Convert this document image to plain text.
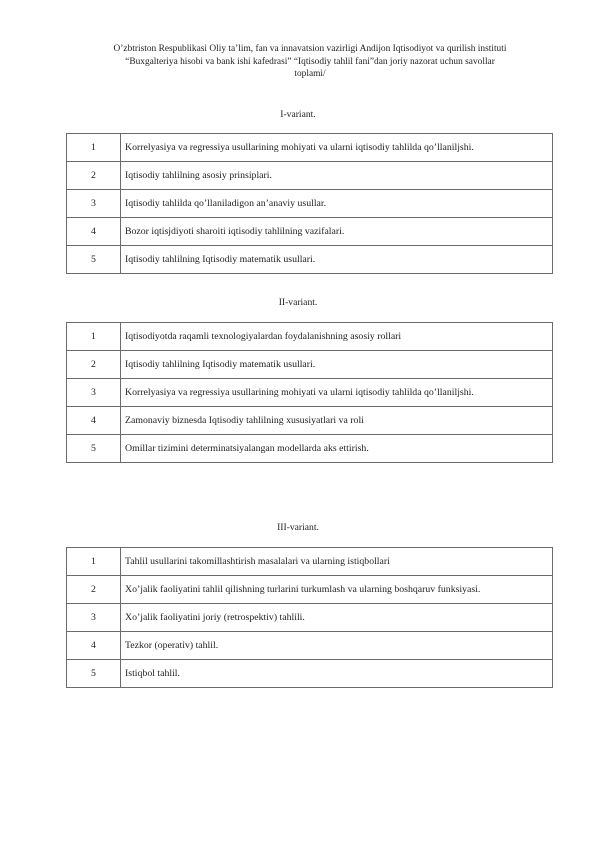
O’zbtriston Respublikasi Oliy ta’lim, fan va innavatsion vazirligi Andijon Iqtisodiyot va qurilish instituti
“Buxgalteriya hisobi va bank ishi kafedrasi” “Iqtisodiy tahlil fani”dan joriy nazorat uchun savollar
toplami/
I-variant.
1	Korrelyasiya va regressiya usullarining mohiyati va ularni iqtisodiy tahlilda qo’llaniljshi.
2	Iqtisodiy tahlilning asosiy prinsiplari.
3	Iqtisodiy tahlilda qo’llaniladigon an’anaviy usullar.
4	Bozor iqtisjdiyoti sharoiti iqtisodiy tahlilning vazifalari.
5	Iqtisodiy tahlilning Iqtisodiy matematik usullari.
II-variant.
1	Iqtisodiyotda raqamli texnologiyalardan foydalanishning asosiy rollari
2	Iqtisodiy tahlilning Iqtisodiy matematik usullari.
3	Korrelyasiya va regressiya usullarining mohiyati va ularni iqtisodiy tahlilda qo’llaniljshi.
4	Zamonaviy biznesda Iqtisodiy tahlilning xususiyatlari va roli
5	Omillar tizimini determinatsiyalangan modellarda aks ettirish.
III-variant.
1	Tahlil usullarini takomillashtirish masalalari va ularning istiqbollari
2	Xo’jalik faoliyatini tahlil qilishning turlarini turkumlash va ularning boshqaruv funksiyasi.
3	Xo’jalik faoliyatini joriy (retrospektiv) tahlili.
4	Tezkor (operativ) tahlil.
5	Istiqbol tahlil.
